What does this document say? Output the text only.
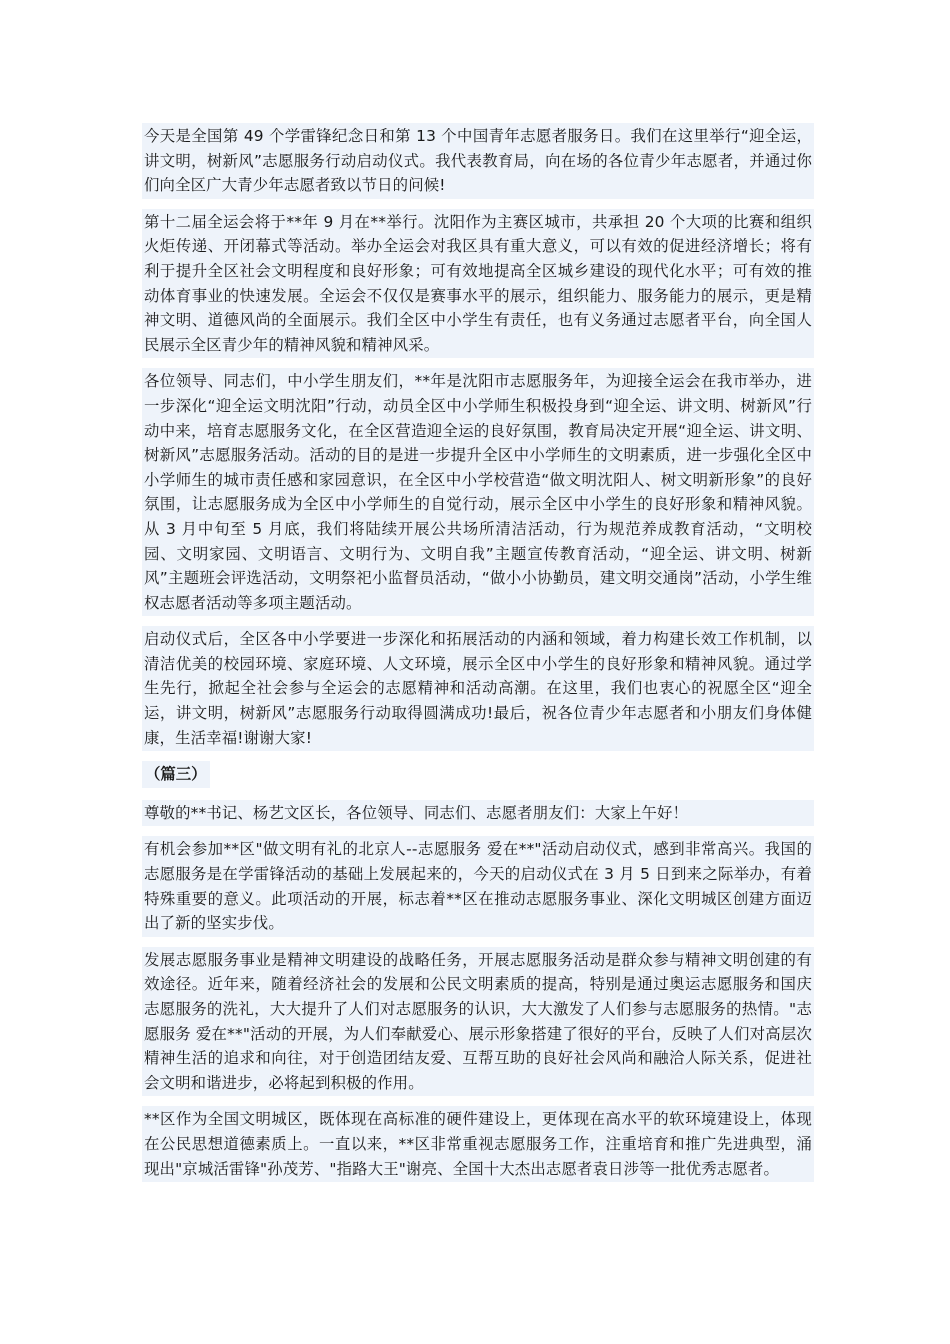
今天是全国第 49 个学雷锋纪念日和第 13 个中国青年志愿者服务日。我们在这里举行“迎全运，讲文明，树新风”志愿服务行动启动仪式。我代表教育局，向在场的各位青少年志愿者，并通过你们向全区广大青少年志愿者致以节日的问候!

第十二届全运会将于**年 9 月在**举行。沈阳作为主赛区城市，共承担 20 个大项的比赛和组织火炬传递、开闭幕式等活动。举办全运会对我区具有重大意义，可以有效的促进经济增长；将有利于提升全区社会文明程度和良好形象；可有效地提高全区城乡建设的现代化水平；可有效的推动体育事业的快速发展。全运会不仅仅是赛事水平的展示，组织能力、服务能力的展示，更是精神文明、道德风尚的全面展示。我们全区中小学生有责任，也有义务通过志愿者平台，向全国人民展示全区青少年的精神风貌和精神风采。

各位领导、同志们，中小学生朋友们，**年是沈阳市志愿服务年，为迎接全运会在我市举办，进一步深化“迎全运文明沈阳”行动，动员全区中小学师生积极投身到“迎全运、讲文明、树新风”行动中来，培育志愿服务文化，在全区营造迎全运的良好氛围，教育局决定开展“迎全运、讲文明、树新风”志愿服务活动。活动的目的是进一步提升全区中小学师生的文明素质，进一步强化全区中小学师生的城市责任感和家园意识，在全区中小学校营造“做文明沈阳人、树文明新形象”的良好氛围，让志愿服务成为全区中小学师生的自觉行动，展示全区中小学生的良好形象和精神风貌。从 3 月中旬至 5 月底，我们将陆续开展公共场所清洁活动，行为规范养成教育活动，“文明校园、文明家园、文明语言、文明行为、文明自我”主题宣传教育活动，“迎全运、讲文明、树新风”主题班会评选活动，文明祭祀小监督员活动，“做小小协勤员，建文明交通岗”活动，小学生维权志愿者活动等多项主题活动。

启动仪式后，全区各中小学要进一步深化和拓展活动的内涵和领域，着力构建长效工作机制，以清洁优美的校园环境、家庭环境、人文环境，展示全区中小学生的良好形象和精神风貌。通过学生先行，掀起全社会参与全运会的志愿精神和活动高潮。在这里，我们也衷心的祝愿全区“迎全运，讲文明，树新风”志愿服务行动取得圆满成功!最后，祝各位青少年志愿者和小朋友们身体健康，生活幸福!谢谢大家!

（篇三）

尊敬的**书记、杨艺文区长，各位领导、同志们、志愿者朋友们：大家上午好！

有机会参加**区"做文明有礼的北京人--志愿服务 爱在**"活动启动仪式，感到非常高兴。我国的志愿服务是在学雷锋活动的基础上发展起来的，今天的启动仪式在 3 月 5 日到来之际举办，有着特殊重要的意义。此项活动的开展，标志着**区在推动志愿服务事业、深化文明城区创建方面迈出了新的坚实步伐。

发展志愿服务事业是精神文明建设的战略任务，开展志愿服务活动是群众参与精神文明创建的有效途径。近年来，随着经济社会的发展和公民文明素质的提高，特别是通过奥运志愿服务和国庆志愿服务的洗礼，大大提升了人们对志愿服务的认识，大大激发了人们参与志愿服务的热情。"志愿服务 爱在**"活动的开展，为人们奉献爱心、展示形象搭建了很好的平台，反映了人们对高层次精神生活的追求和向往，对于创造团结友爱、互帮互助的良好社会风尚和融洽人际关系，促进社会文明和谐进步，必将起到积极的作用。

**区作为全国文明城区，既体现在高标准的硬件建设上，更体现在高水平的软环境建设上，体现在公民思想道德素质上。一直以来，**区非常重视志愿服务工作，注重培育和推广先进典型，涌现出"京城活雷锋"孙茂芳、"指路大王"谢亮、全国十大杰出志愿者袁日涉等一批优秀志愿者。
